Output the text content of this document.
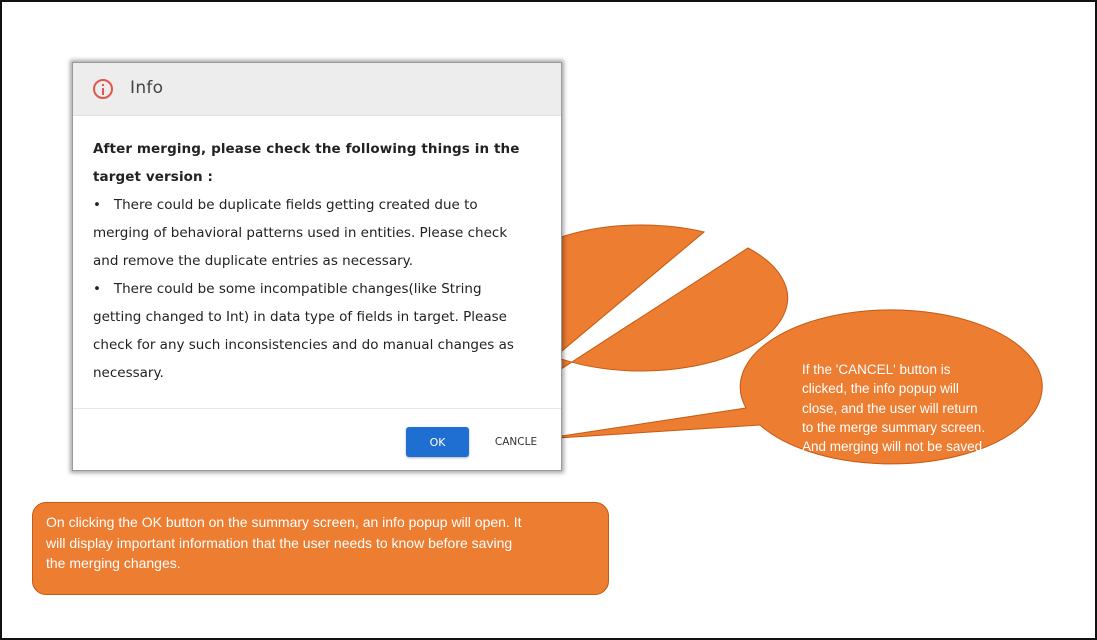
On clicking the OK button on
the info popup, the user is
navigated to the logs screen.
Final merging will be seen
If the 'CANCEL' button is
clicked, the info popup will
close, and the user will return
to the merge summary screen.
And merging will not be saved
Info
After merging, please check the following things in the
target version :
• There could be duplicate fields getting created due to
merging of behavioral patterns used in entities. Please check
and remove the duplicate entries as necessary.
• There could be some incompatible changes(like String
getting changed to Int) in data type of fields in target. Please
check for any such inconsistencies and do manual changes as
necessary.
OK	CANCLE
On clicking the OK button on the summary screen, an info popup will open. It
will display important information that the user needs to know before saving
the merging changes.
